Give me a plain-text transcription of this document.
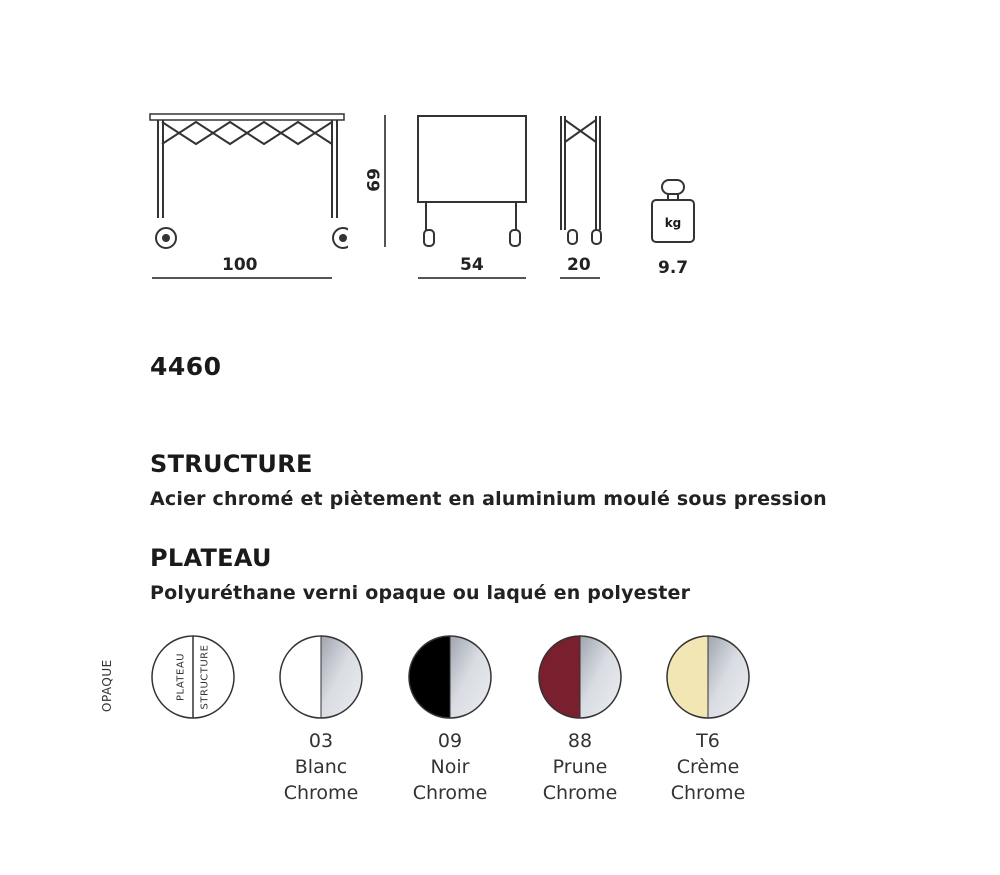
100
69
54	20
kg
9.7
4460
STRUCTURE
Acier chromé et piètement en aluminium moulé sous pression
PLATEAU
Polyuréthane verni opaque ou laqué en polyester
OPAQUE	PLATEAU STRUCTURE
03
Blanc
Chrome
09
Noir
Chrome
88
Prune
Chrome
T6
Crème
Chrome
